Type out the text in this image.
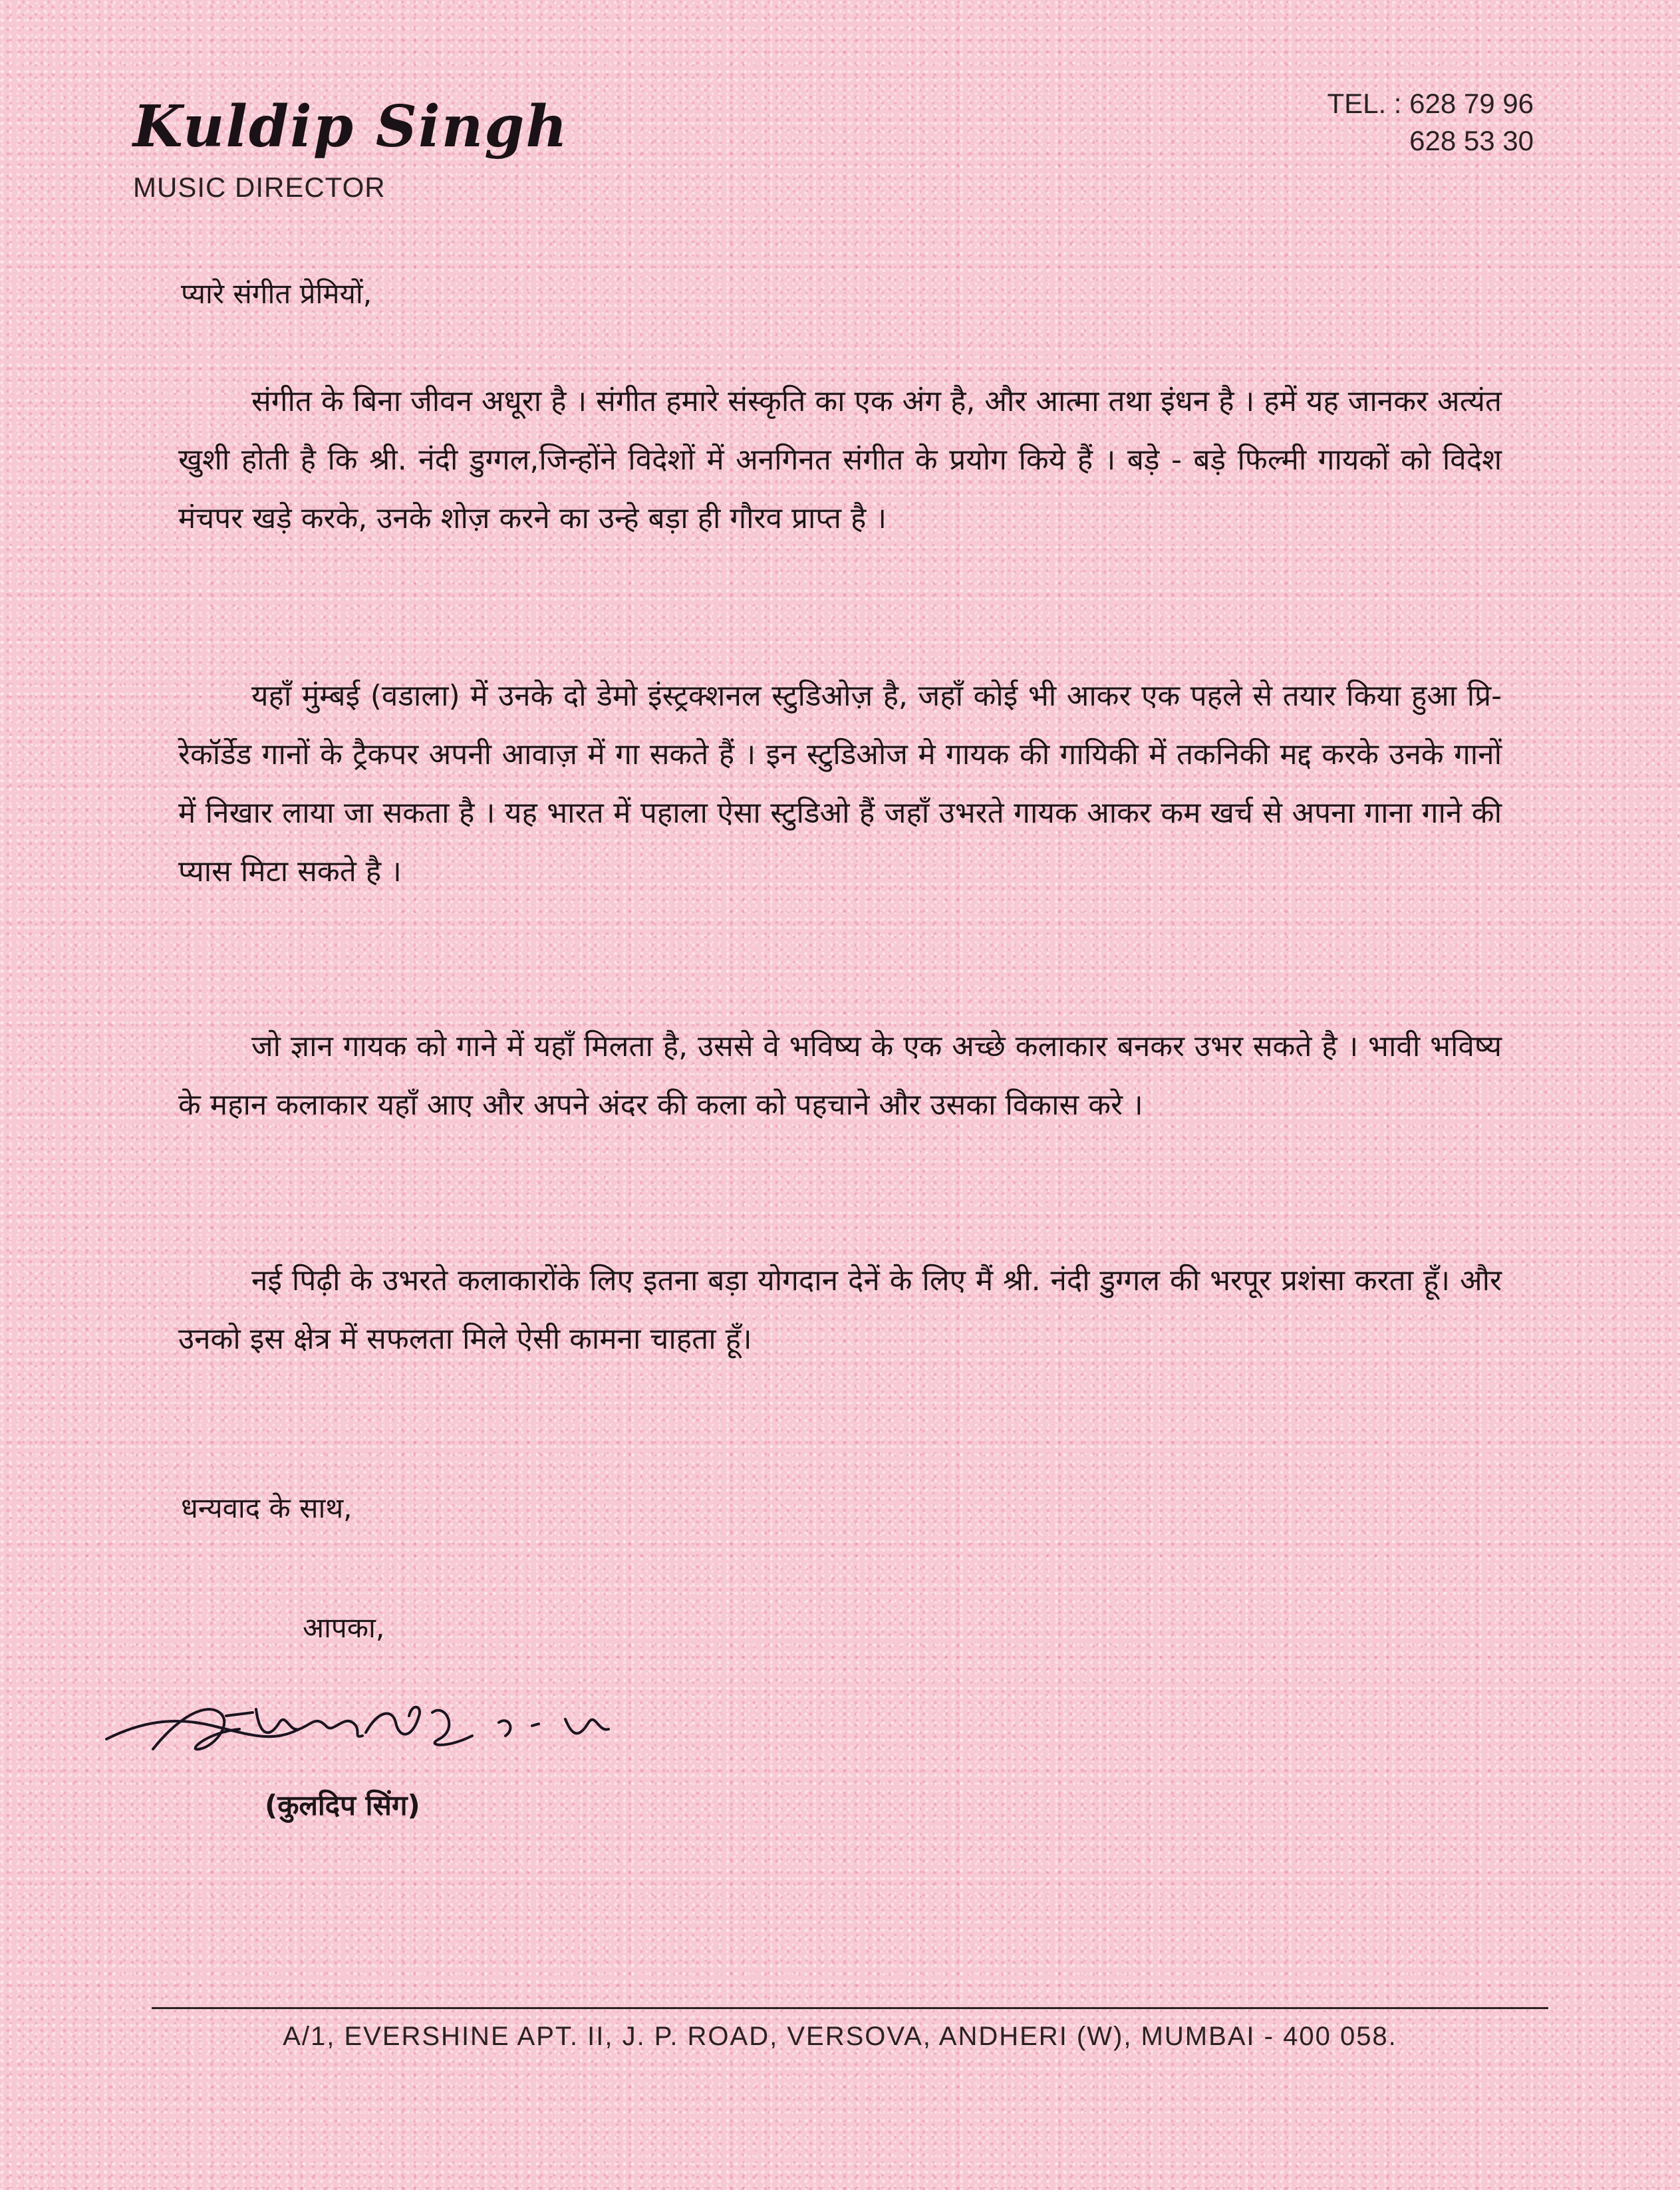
Kuldip Singh
MUSIC DIRECTOR
TEL. : 628 79 96
628 53 30
प्यारे संगीत प्रेमियों,

संगीत के बिना जीवन अधूरा है । संगीत हमारे संस्कृति का एक अंग है, और आत्मा तथा इंधन है । हमें यह जानकर अत्यंत खुशी होती है कि श्री. नंदी डुग्गल,जिन्होंने विदेशों में अनगिनत संगीत के प्रयोग किये हैं । बड़े - बड़े फिल्मी गायकों को विदेश मंचपर खड़े करके, उनके शोज़ करने का उन्हे बड़ा ही गौरव प्राप्त है ।

यहाँ मुंम्बई (वडाला) में उनके दो डेमो इंस्ट्रक्शनल स्टुडिओज़ है, जहाँ कोई भी आकर एक पहले से तयार किया हुआ प्रि-रेकॉर्डेड गानों के ट्रैकपर अपनी आवाज़ में गा सकते हैं । इन स्टुडिओज मे गायक की गायिकी में तकनिकी मद्द करके उनके गानों में निखार लाया जा सकता है । यह भारत में पहाला ऐसा स्टुडिओ हैं जहाँ उभरते गायक आकर कम खर्च से अपना गाना गाने की प्यास मिटा सकते है ।

जो ज्ञान गायक को गाने में यहाँ मिलता है, उससे वे भविष्य के एक अच्छे कलाकार बनकर उभर सकते है । भावी भविष्य के महान कलाकार यहाँ आए और अपने अंदर की कला को पहचाने और उसका विकास करे ।

नई पिढ़ी के उभरते कलाकारोंके लिए इतना बड़ा योगदान देनें के लिए मैं श्री. नंदी डुग्गल की भरपूर प्रशंसा करता हूँ। और उनको इस क्षेत्र में सफलता मिले ऐसी कामना चाहता हूँ।

धन्यवाद के साथ,
आपका,
(कुलदिप सिंग)
A/1, EVERSHINE APT. II, J. P. ROAD, VERSOVA, ANDHERI (W), MUMBAI - 400 058.
